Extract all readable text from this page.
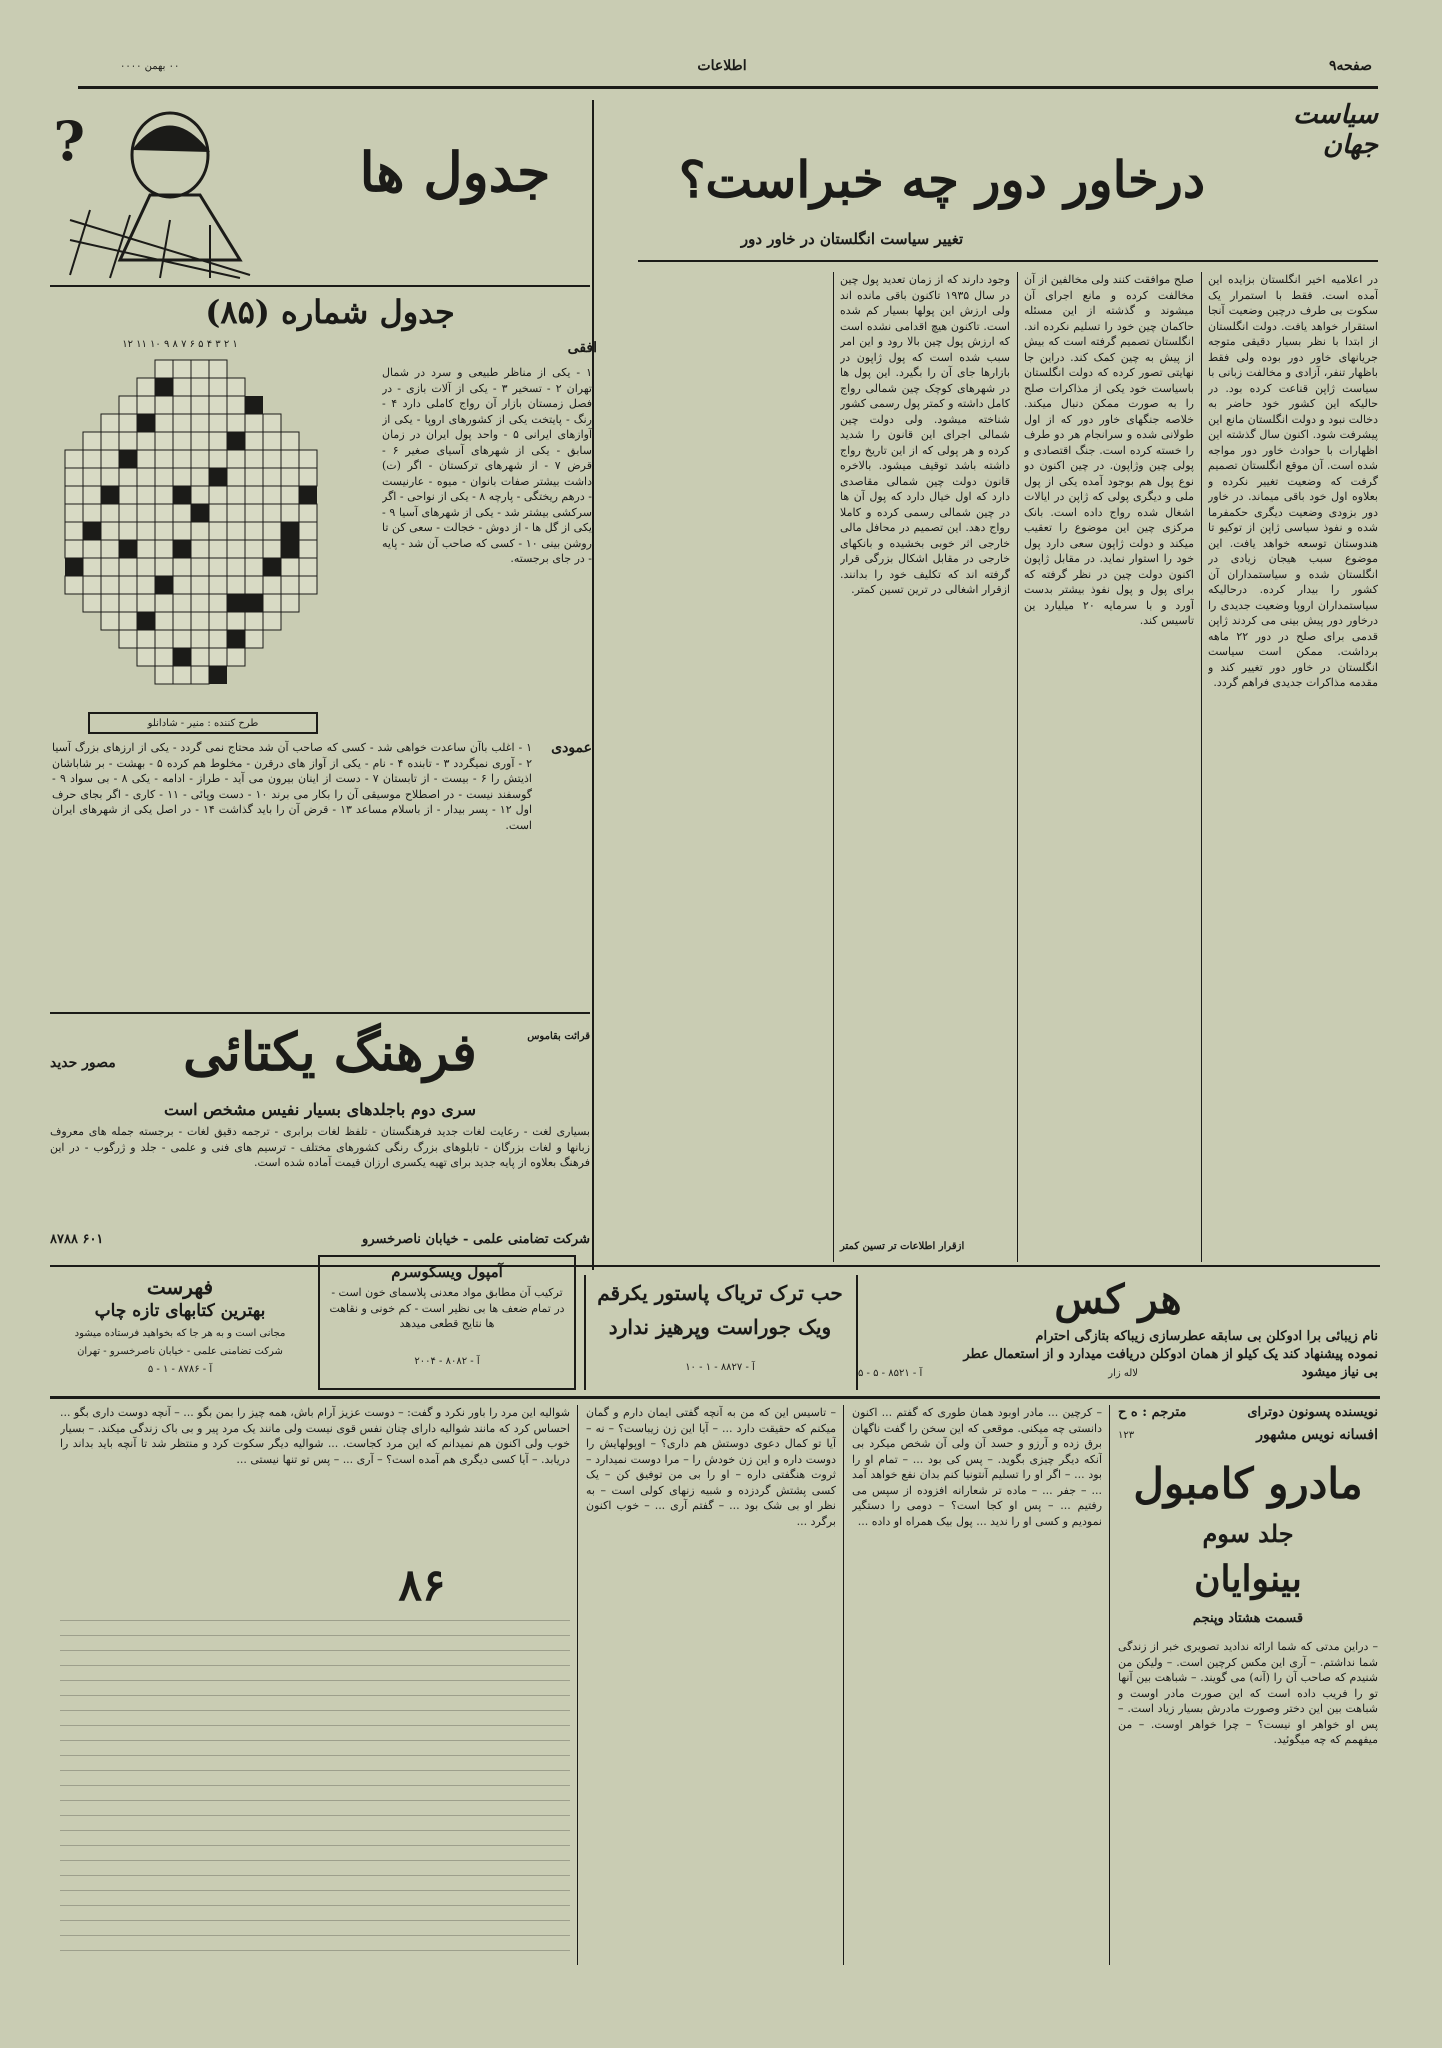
صفحه۹
اطلاعات
۰۰ بهمن ۰۰۰۰
سیاست جهان
درخاور دور چه خبراست؟
تغییر سیاست انگلستان در خاور دور
در اعلامیه اخیر انگلستان بزایده این آمده است. فقط با استمرار یک سکوت بی طرف درچین وضعیت آنجا استقرار خواهد یافت. دولت انگلستان از ابتدا با نظر بسیار دقیقی متوجه جریانهای خاور دور بوده ولی فقط باظهار تنفر، آزادی و مخالفت زبانی با سیاست ژاپن قناعت کرده بود. در حالیکه این کشور خود حاضر به دخالت نبود و دولت انگلستان مانع این پیشرفت شود. اکنون سال گذشته این اظهارات با حوادث خاور دور مواجه شده است. آن موقع انگلستان تصمیم گرفت که وضعیت تغییر نکرده و بعلاوه اول خود باقی میماند. در خاور دور بزودی وضعیت دیگری حکمفرما شده و نفوذ سیاسی ژاپن از توکیو تا هندوستان توسعه خواهد یافت. این موضوع سبب هیجان زیادی در انگلستان شده و سیاستمداران آن کشور را بیدار کرده. درحالیکه سیاستمداران اروپا وضعیت جدیدی را درخاور دور پیش بینی می کردند ژاپن قدمی برای صلح در دور ۲۲ ماهه برداشت. ممکن است سیاست انگلستان در خاور دور تغییر کند و مقدمه مذاکرات جدیدی فراهم گردد.
صلح موافقت کنند ولی مخالفین از آن مخالفت کرده و مانع اجرای آن میشوند و گذشته از این مسئله حاکمان چین خود را تسلیم نکرده اند. انگلستان تصمیم گرفته است که بیش از پیش به چین کمک کند. دراین جا نهایتی تصور کرده که دولت انگلستان باسیاست خود یکی از مذاکرات صلح را به صورت ممکن دنبال میکند. خلاصه جنگهای خاور دور که از اول طولانی شده و سرانجام هر دو طرف را خسته کرده است. جنگ اقتصادی و پولی چین وژاپون. در چین اکنون دو نوع پول هم بوجود آمده یکی از پول ملی و دیگری پولی که ژاپن در ایالات اشغال شده رواج داده است. بانک مرکزی چین این موضوع را تعقیب میکند و دولت ژاپون سعی دارد پول خود را استوار نماید. در مقابل ژاپون اکنون دولت چین در نظر گرفته که برای پول و پول نفوذ بیشتر بدست آورد و با سرمایه ۲۰ میلیارد ین تاسیس کند.
وجود دارند که از زمان تعدید پول چین در سال ۱۹۳۵ تاکنون باقی مانده اند ولی ارزش این پولها بسیار کم شده است. تاکنون هیچ اقدامی نشده است که ارزش پول چین بالا رود و این امر سبب شده است که پول ژاپون در بازارها جای آن را بگیرد. این پول ها در شهرهای کوچک چین شمالی رواج کامل داشته و کمتر پول رسمی کشور شناخته میشود. ولی دولت چین شمالی اجرای این قانون را شدید کرده و هر پولی که از این تاریخ رواج داشته باشد توقیف میشود. بالاخره قانون دولت چین شمالی مقاصدی دارد که اول خیال دارد که پول آن ها در چین شمالی رسمی کرده و کاملا رواج دهد. این تصمیم در محافل مالی خارجی اثر خوبی بخشیده و بانکهای خارجی در مقابل اشکال بزرگی قرار گرفته اند که تکلیف خود را بدانند. ازقرار اشغالی در ترین تسین کمتر.
ازقرار اطلاعات تر تسین کمتر
جدول ها
?
جدول شماره (۸۵)
۱۲ ۱۱ ۱۰ ۹ ۸ ۷ ۶ ۵ ۴ ۳ ۲ ۱
طرح کننده : منیر - شادانلو
افقی
۱ - یکی از مناظر طبیعی و سرد در شمال تهران ۲ - تسخیر ۳ - یکی از آلات بازی - در فصل زمستان بازار آن رواج کاملی دارد ۴ - رنگ - پایتخت یکی از کشورهای اروپا - یکی از آوازهای ایرانی ۵ - واحد پول ایران در زمان سابق - یکی از شهرهای آسیای صغیر ۶ - قرض ۷ - از شهرهای ترکستان - اگر (ت) داشت بیشتر صفات بانوان - میوه - عارنیست - درهم ریختگی - پارچه ۸ - یکی از نواحی - اگر سرکشی بیشتر شد - یکی از شهرهای آسیا ۹ - یکی از گل ها - از دوش - خجالت - سعی کن تا روشن بینی ۱۰ - کسی که صاحب آن شد - پایه - در جای برجسته.
عمودی
۱ - اغلب باآن ساعدت خواهی شد - کسی که صاحب آن شد محتاج نمی گردد - یکی از ارزهای بزرگ آسیا ۲ - آوری نمیگردد ۳ - تابنده ۴ - نام - یکی از آواز های درقرن - مخلوط هم کرده ۵ - بهشت - بر شاباشان اذیتش را ۶ - بیست - از تابستان ۷ - دست از اینان بیرون می آید - طراز - ادامه - یکی ۸ - بی سواد ۹ - گوسفند نیست - در اصطلاح موسیقی آن را بکار می برند ۱۰ - دست وپائی - ۱۱ - کاری - اگر بجای حرف اول ۱۲ - پسر بیدار - از باسلام مساعد ۱۳ - قرض آن را باید گذاشت ۱۴ - در اصل یکی از شهرهای ایران است.
قرائت بقاموس
فرهنگ یکتائی
مصور حدید
سری دوم باجلدهای بسیار نفیس مشخص است
بسیاری لغت - رعایت لغات جدید فرهنگستان - تلفظ لغات برابری - ترجمه دقیق لغات - برجسته جمله های معروف زبانها و لغات بزرگان - تابلوهای بزرگ رنگی کشورهای مختلف - ترسیم های فنی و علمی - جلد و ژرگوب - در این فرهنگ بعلاوه از پایه جدید برای تهیه یکسری ارزان قیمت آماده شده است.
شرکت تضامنی علمی - خیابان ناصرخسرو
۶۰۱ ۸۷۸۸
هر کس
نام زیبائی برا ادوکلن بی سابقه عطرسازی زیباکه بتازگی احترام
نموده پیشنهاد کند یک کیلو از همان ادوکلن دریافت میدارد و از استعمال عطر
بی نیاز میشود
لاله زار
آ - ۸۵۲۱ - ۵ - ۵
حب ترک تریاک پاستور یکرقم
ویک جوراست وپرهیز ندارد
آ - ۸۸۲۷ - ۱ - ۱۰
آمپول ویسکوسرم
ترکیب آن مطابق مواد معدنی پلاسمای خون است - در تمام ضعف ها بی نظیر است - کم خونی و نقاهت ها نتایج قطعی میدهد
آ - ۸۰۸۲ - ۲۰۰۴
فهرست
بهترین کتابهای تازه چاپ
مجانی است و به هر جا که بخواهید فرستاده میشود
شرکت تضامنی علمی - خیابان ناصرخسرو - تهران
آ - ۸۷۸۶ - ۱ - ۵
نویسنده پسونون دوترای
مترجم : ه ح
افسانه نویس مشهور
۱۲۳
مادرو کامبول
جلد سوم
بینوایان
قسمت هشتاد وپنجم
– دراین مدتی که شما ارائه ندادید تصویری خبر از زندگی شما نداشتم. – آری این مکس کرچین است. – ولیکن من شنیدم که صاحب آن را (آنه) می گویند. – شباهت بین آنها تو را فریب داده است که این صورت مادر اوست و شباهت بین این دختر وصورت مادرش بسیار زیاد است. – پس او خواهر او نیست؟ – چرا خواهر اوست. – من میفهمم که چه میگوئید.
– کرچین ... مادر اوبود همان طوری که گفتم ... اکنون دانستی چه میکنی. موقعی که این سخن را گفت ناگهان برق زده و آرزو و حسد آن ولی آن شخص میکرد بی آنکه دیگر چیزی بگوید. – پس کی بود ... – تمام او را بود ... – اگر او را تسلیم آنتونیا کنم بدان نفع خواهد آمد ... – جفر ... – ماده تر شعارانه افزوده از سپس می رفتیم ... – پس او کجا است؟ – دومی را دستگیر نمودیم و کسی او را ندید ... پول بیک همراه او داده ...
– تاسیس این که من به آنچه گفتی ایمان دارم و گمان میکنم که حقیقت دارد ... – آیا این زن زیباست؟ – نه – آیا تو کمال دعوی دوستش هم داری؟ – اوپولهایش را دوست داره و این زن خودش را – مرا دوست نمیدارد – ثروت هنگفتی داره – او را بی من توفیق کن – یک کسی پشتش گردزده و شبیه زنهای کولی است – به نظر او بی شک بود ... – گفتم آری ... – خوب اکنون برگرد ...
۸۶
شوالیه این مرد را باور نکرد و گفت: – دوست عزیز آرام باش، همه چیز را بمن بگو ... – آنچه دوست داری بگو ... احساس کرد که مانند شوالیه دارای چنان نفس قوی نیست ولی مانند یک مرد پیر و بی باک زندگی میکند. – بسیار خوب ولی اکنون هم نمیدانم که این مرد کجاست. ... شوالیه دیگر سکوت کرد و منتظر شد تا آنچه باید بداند را دریابد. – آیا کسی دیگری هم آمده است؟ – آری ... – پس تو تنها نیستی ...
